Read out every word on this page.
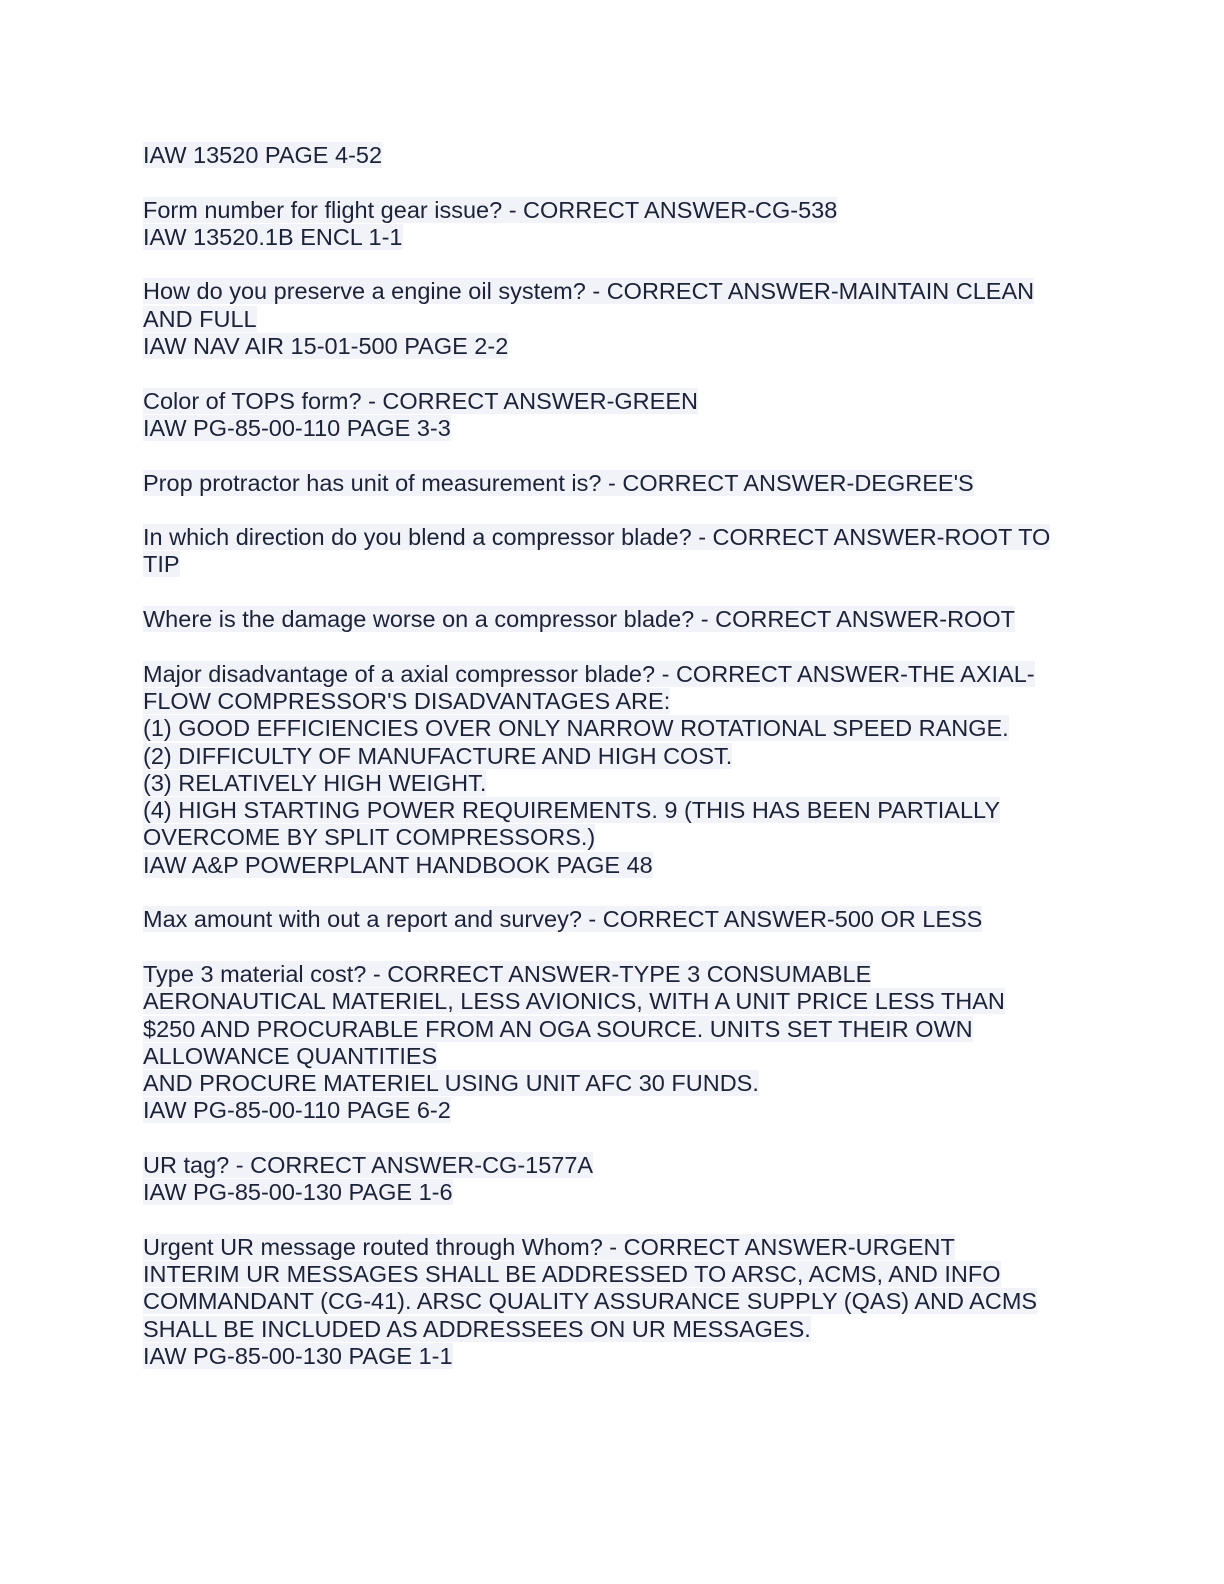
IAW 13520 PAGE 4-52
Form number for flight gear issue? - CORRECT ANSWER-CG-538
IAW 13520.1B ENCL 1-1
How do you preserve a engine oil system? - CORRECT ANSWER-MAINTAIN CLEAN
AND FULL
IAW NAV AIR 15-01-500 PAGE 2-2
Color of TOPS form? - CORRECT ANSWER-GREEN
IAW PG-85-00-110 PAGE 3-3
Prop protractor has unit of measurement is? - CORRECT ANSWER-DEGREE'S
In which direction do you blend a compressor blade? - CORRECT ANSWER-ROOT TO
TIP
Where is the damage worse on a compressor blade? - CORRECT ANSWER-ROOT
Major disadvantage of a axial compressor blade? - CORRECT ANSWER-THE AXIAL-
FLOW COMPRESSOR'S DISADVANTAGES ARE:
(1) GOOD EFFICIENCIES OVER ONLY NARROW ROTATIONAL SPEED RANGE.
(2) DIFFICULTY OF MANUFACTURE AND HIGH COST.
(3) RELATIVELY HIGH WEIGHT.
(4) HIGH STARTING POWER REQUIREMENTS. 9 (THIS HAS BEEN PARTIALLY
OVERCOME BY SPLIT COMPRESSORS.)
IAW A&P POWERPLANT HANDBOOK PAGE 48
Max amount with out a report and survey? - CORRECT ANSWER-500 OR LESS
Type 3 material cost? - CORRECT ANSWER-TYPE 3 CONSUMABLE
AERONAUTICAL MATERIEL, LESS AVIONICS, WITH A UNIT PRICE LESS THAN
$250 AND PROCURABLE FROM AN OGA SOURCE. UNITS SET THEIR OWN
ALLOWANCE QUANTITIES
AND PROCURE MATERIEL USING UNIT AFC 30 FUNDS.
IAW PG-85-00-110 PAGE 6-2
UR tag? - CORRECT ANSWER-CG-1577A
IAW PG-85-00-130 PAGE 1-6
Urgent UR message routed through Whom? - CORRECT ANSWER-URGENT
INTERIM UR MESSAGES SHALL BE ADDRESSED TO ARSC, ACMS, AND INFO
COMMANDANT (CG-41). ARSC QUALITY ASSURANCE SUPPLY (QAS) AND ACMS
SHALL BE INCLUDED AS ADDRESSEES ON UR MESSAGES.
IAW PG-85-00-130 PAGE 1-1
